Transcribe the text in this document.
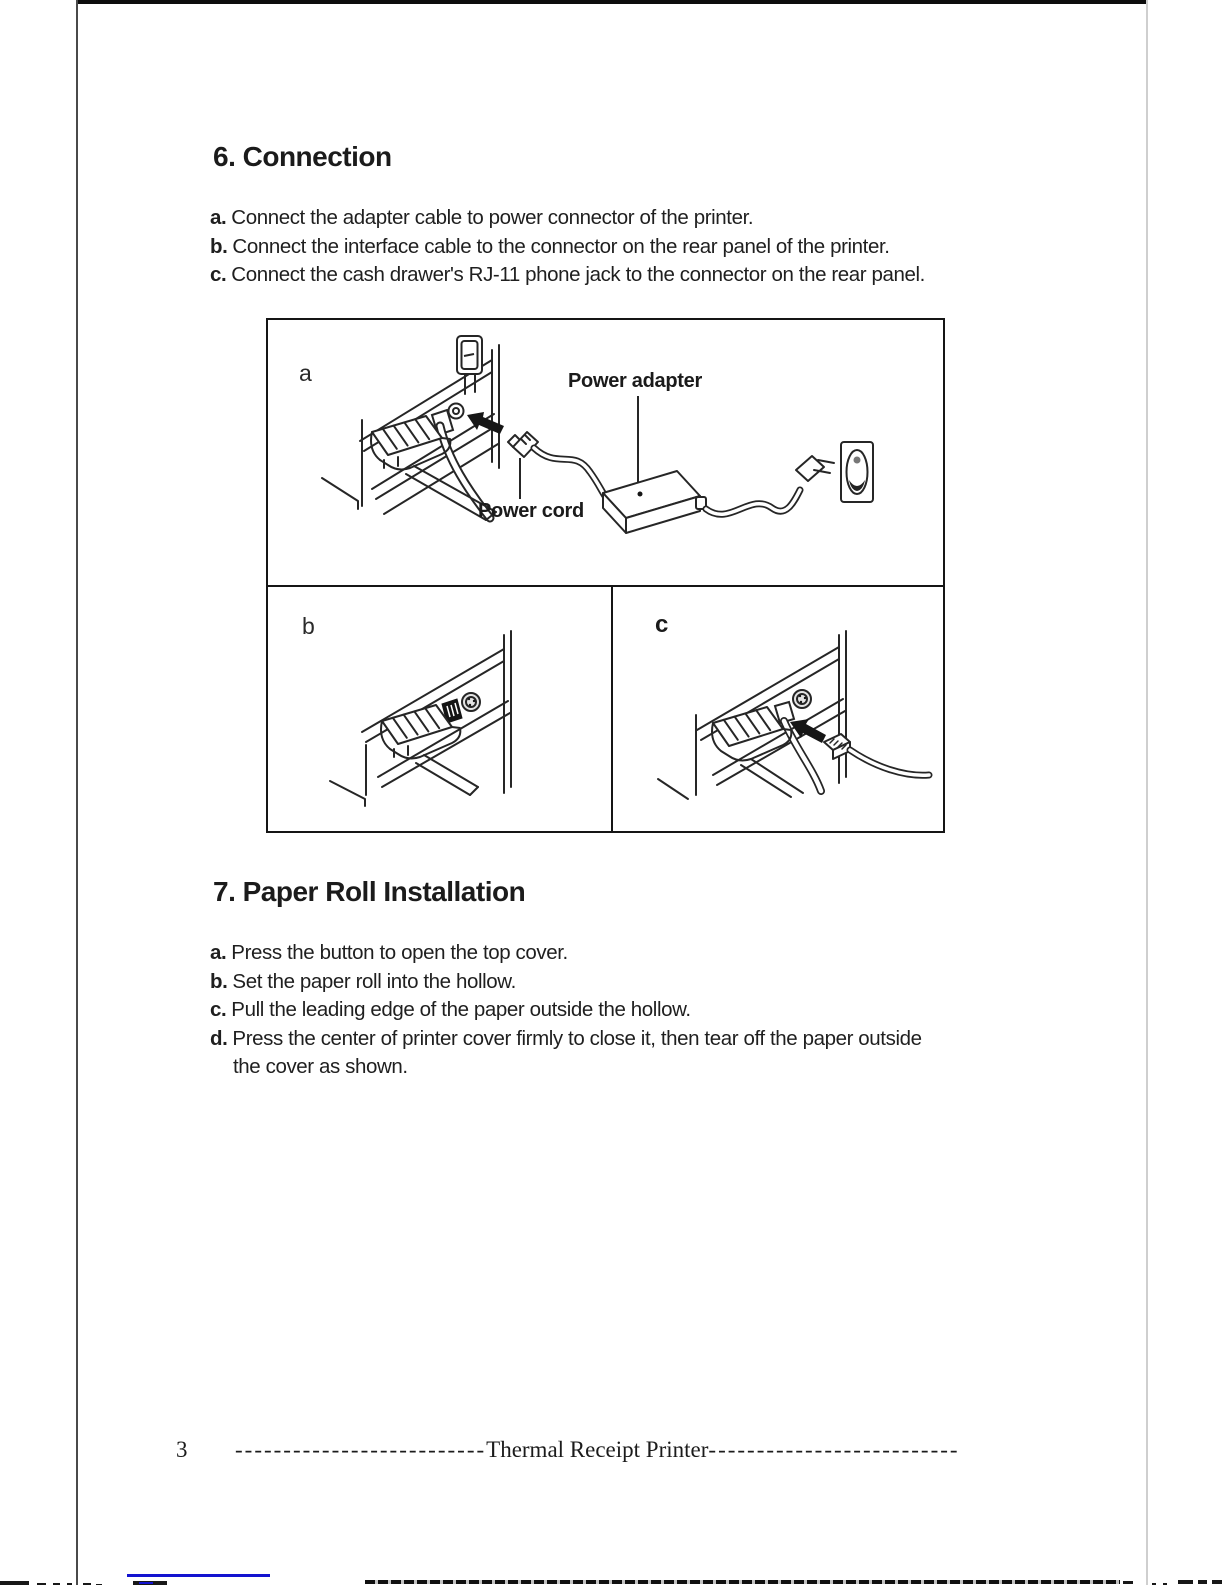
6. Connection
a. Connect the adapter cable to power connector of the printer.
b. Connect the interface cable to the connector on the rear panel of the printer.
c. Connect the cash drawer's RJ-11 phone jack to the connector on the rear panel.
a	Power adapter
Power cord
b	c
7. Paper Roll Installation
a. Press the button to open the top cover.
b. Set the paper roll into the hollow.
c. Pull the leading edge of the paper outside the hollow.
d. Press the center of printer cover firmly to close it, then tear off the paper outside
the cover as shown.
3 --------------------------Thermal Receipt Printer--------------------------
